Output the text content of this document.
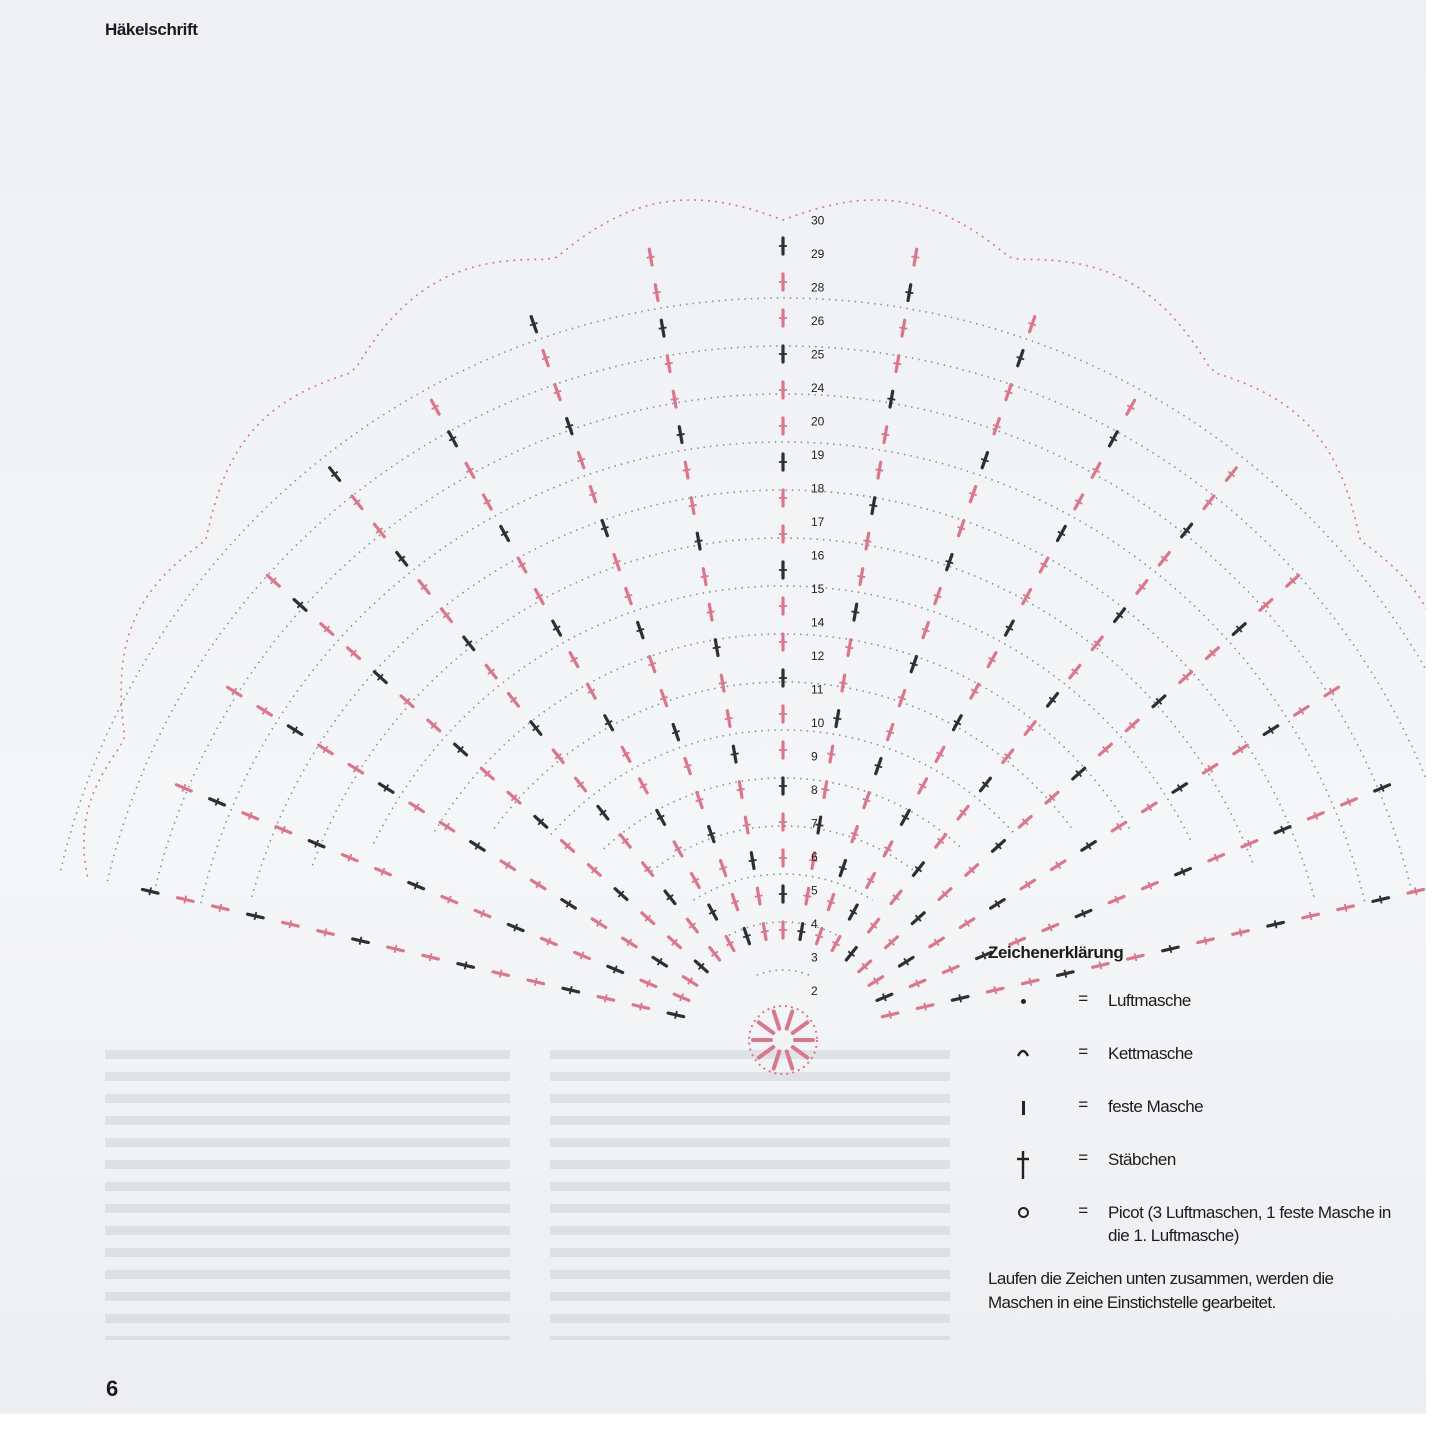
Häkelschrift
2
3
4
5
6
7
8
9
10
11
12
14
15
16
17
18
19
20
24
25
26
28
29
30
Zeichenerklärung
=	Luftmasche
=	Kettmasche
=	feste Masche
=	Stäbchen
=	Picot (3 Luftmaschen, 1 feste Masche in die 1. Luftmasche)
Laufen die Zeichen unten zusammen, werden die Maschen in eine Einstichstelle gearbeitet.
6
